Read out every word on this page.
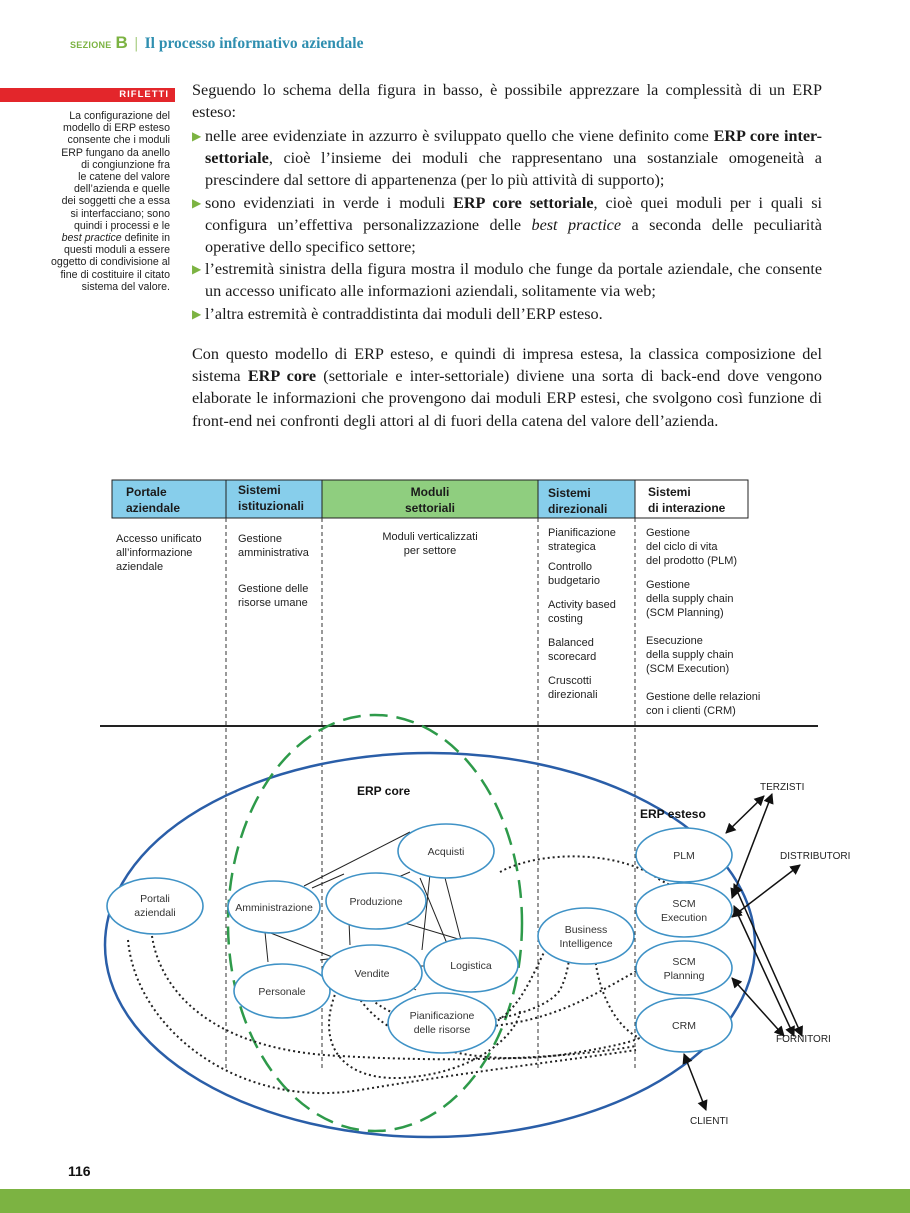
SEZIONE B | Il processo informativo aziendale
RIFLETTI
La configurazione del
modello di ERP esteso
consente che i moduli
ERP fungano da anello
di congiunzione fra
le catene del valore
dell’azienda e quelle
dei soggetti che a essa
si interfacciano; sono
quindi i processi e le
best practice definite in
questi moduli a essere
oggetto di condivisione al
fine di costituire il citato
sistema del valore.

Seguendo lo schema della figura in basso, è possibile apprezzare la complessità di un ERP esteso:

▶ nelle aree evidenziate in azzurro è sviluppato quello che viene definito come ERP core inter-settoriale, cioè l’insieme dei moduli che rappresentano una sostanziale omogeneità a prescindere dal settore di appartenenza (per lo più attività di supporto);
▶ sono evidenziati in verde i moduli ERP core settoriale, cioè quei moduli per i quali si configura un’effettiva personalizzazione delle best practice a seconda delle peculiarità operative dello specifico settore;
▶ l’estremità sinistra della figura mostra il modulo che funge da portale aziendale, che consente un accesso unificato alle informazioni aziendali, solitamente via web;
▶ l’altra estremità è contraddistinta dai moduli dell’ERP esteso.

Con questo modello di ERP esteso, e quindi di impresa estesa, la classica composizione del sistema ERP core (settoriale e inter-settoriale) diviene una sorta di back-end dove vengono elaborate le informazioni che provengono dai moduli ERP estesi, che svolgono così funzione di front-end nei confronti degli attori al di fuori della catena del valore dell’azienda.

Portale
aziendale
Sistemi
istituzionali
Moduli
settoriali
Sistemi
direzionali
Sistemi
di interazione
Accesso unificato
all’informazione
aziendale
Gestione
amministrativa
Gestione delle
risorse umane
Moduli verticalizzati
per settore
Pianificazione
strategica
Controllo
budgetario
Activity based
costing
Balanced
scorecard
Cruscotti
direzionali
Gestione
del ciclo di vita
del prodotto (PLM)
Gestione
della supply chain
(SCM Planning)
Esecuzione
della supply chain
(SCM Execution)
Gestione delle relazioni
con i clienti (CRM)
ERP core
ERP esteso
Portali
aziendali	Amministrazione
Personale
Produzione
Acquisti
Vendite
Logistica
Pianificazione
delle risorse
Business
Intelligence
PLM
SCM
Execution
SCM
Planning
CRM
TERZISTI
DISTRIBUTORI
FORNITORI
CLIENTI
116
